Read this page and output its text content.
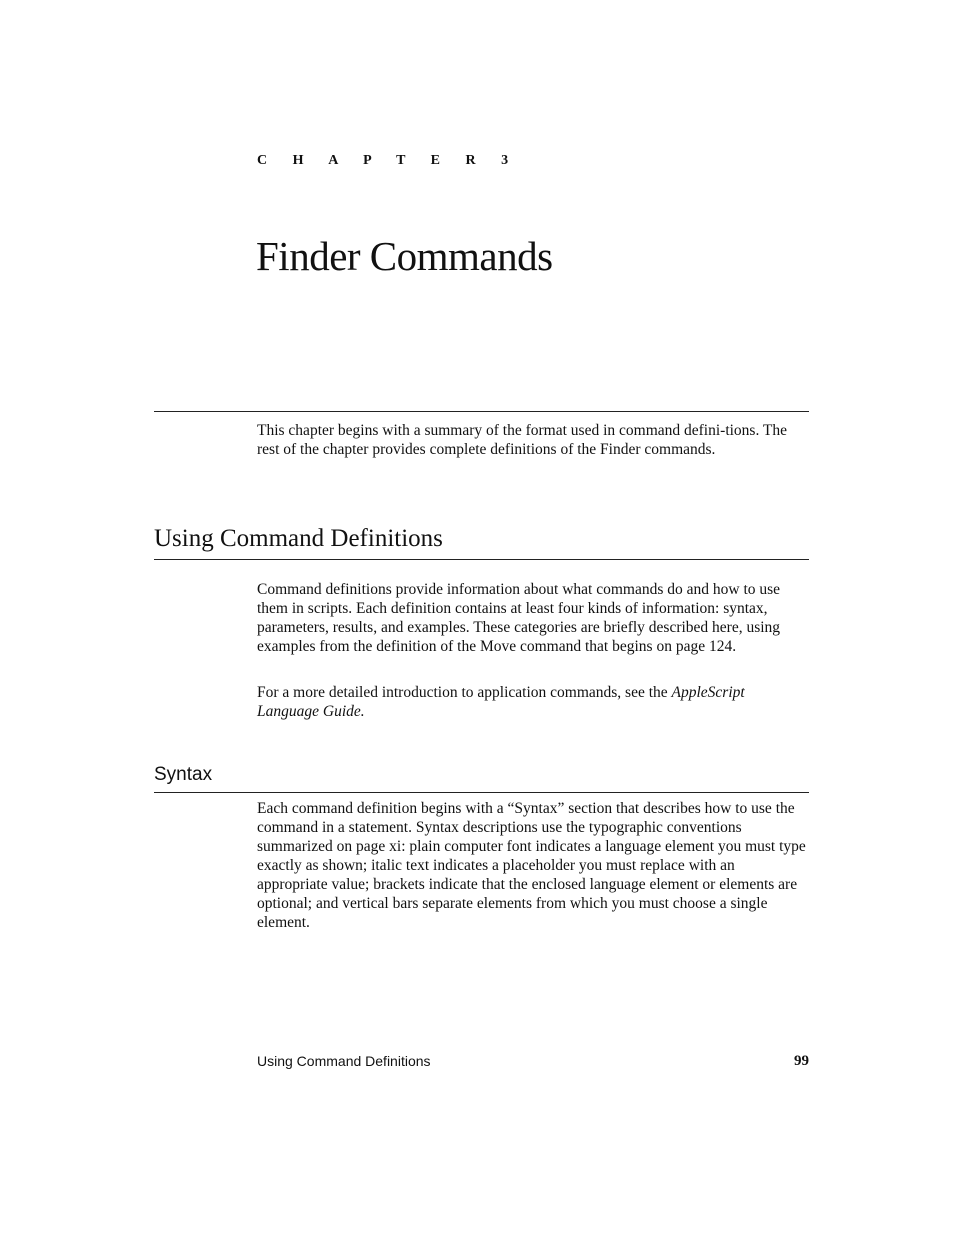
C H A P T E R 3
Finder Commands

This chapter begins with a summary of the format used in command defini-tions. The rest of the chapter provides complete definitions of the Finder commands.

Using Command Definitions

Command definitions provide information about what commands do and how to use them in scripts. Each definition contains at least four kinds of information: syntax, parameters, results, and examples. These categories are briefly described here, using examples from the definition of the Move command that begins on page 124.

For a more detailed introduction to application commands, see the AppleScript Language Guide.

Syntax

Each command definition begins with a “Syntax” section that describes how to use the command in a statement. Syntax descriptions use the typographic conventions summarized on page xi: plain computer font indicates a language element you must type exactly as shown; italic text indicates a placeholder you must replace with an appropriate value; brackets indicate that the enclosed language element or elements are optional; and vertical bars separate elements from which you must choose a single element.

Using Command Definitions	99
